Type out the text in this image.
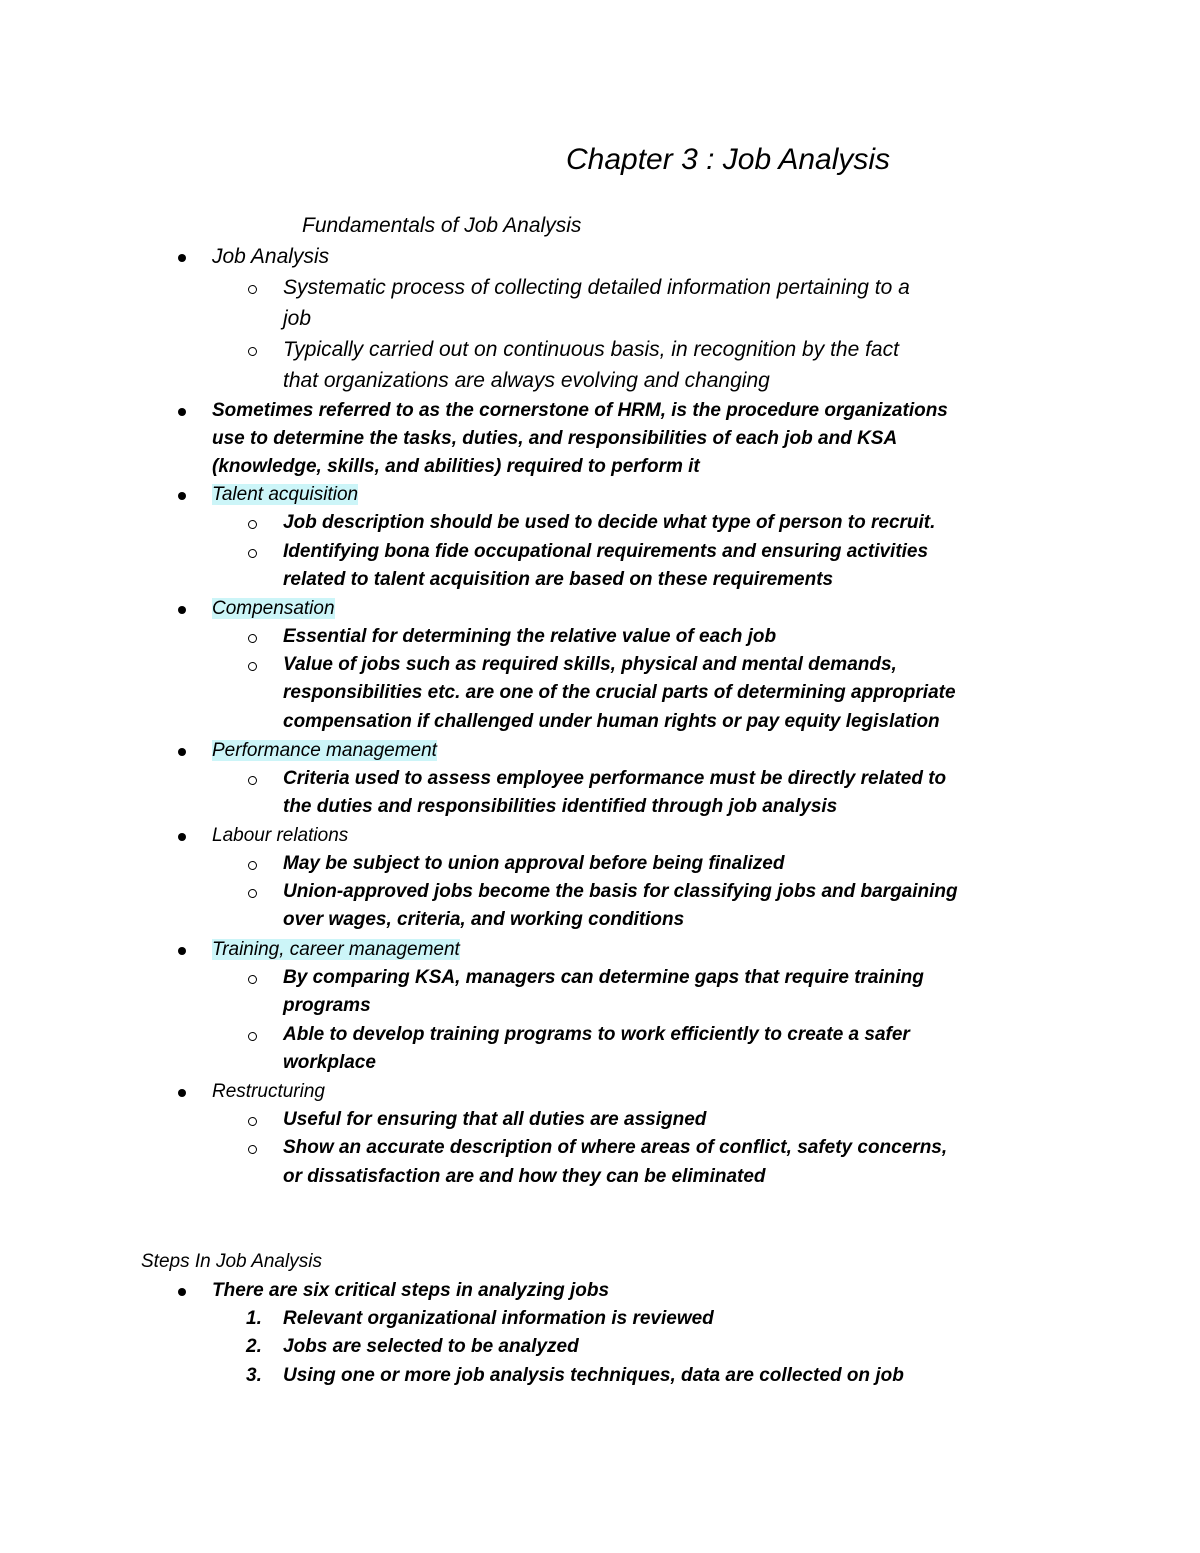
Chapter 3 : Job Analysis
Fundamentals of Job Analysis
Job Analysis
Systematic process of collecting detailed information pertaining to a
job
Typically carried out on continuous basis, in recognition by the fact
that organizations are always evolving and changing
Sometimes referred to as the cornerstone of HRM, is the procedure organizations
use to determine the tasks, duties, and responsibilities of each job and KSA
(knowledge, skills, and abilities) required to perform it
Talent acquisition
Job description should be used to decide what type of person to recruit.
Identifying bona fide occupational requirements and ensuring activities
related to talent acquisition are based on these requirements
Compensation
Essential for determining the relative value of each job
Value of jobs such as required skills, physical and mental demands,
responsibilities etc. are one of the crucial parts of determining appropriate
compensation if challenged under human rights or pay equity legislation
Performance management
Criteria used to assess employee performance must be directly related to
the duties and responsibilities identified through job analysis
Labour relations
May be subject to union approval before being finalized
Union-approved jobs become the basis for classifying jobs and bargaining
over wages, criteria, and working conditions
Training, career management
By comparing KSA, managers can determine gaps that require training
programs
Able to develop training programs to work efficiently to create a safer
workplace
Restructuring
Useful for ensuring that all duties are assigned
Show an accurate description of where areas of conflict, safety concerns,
or dissatisfaction are and how they can be eliminated
Steps In Job Analysis
There are six critical steps in analyzing jobs
1. Relevant organizational information is reviewed
2. Jobs are selected to be analyzed
3. Using one or more job analysis techniques, data are collected on job
